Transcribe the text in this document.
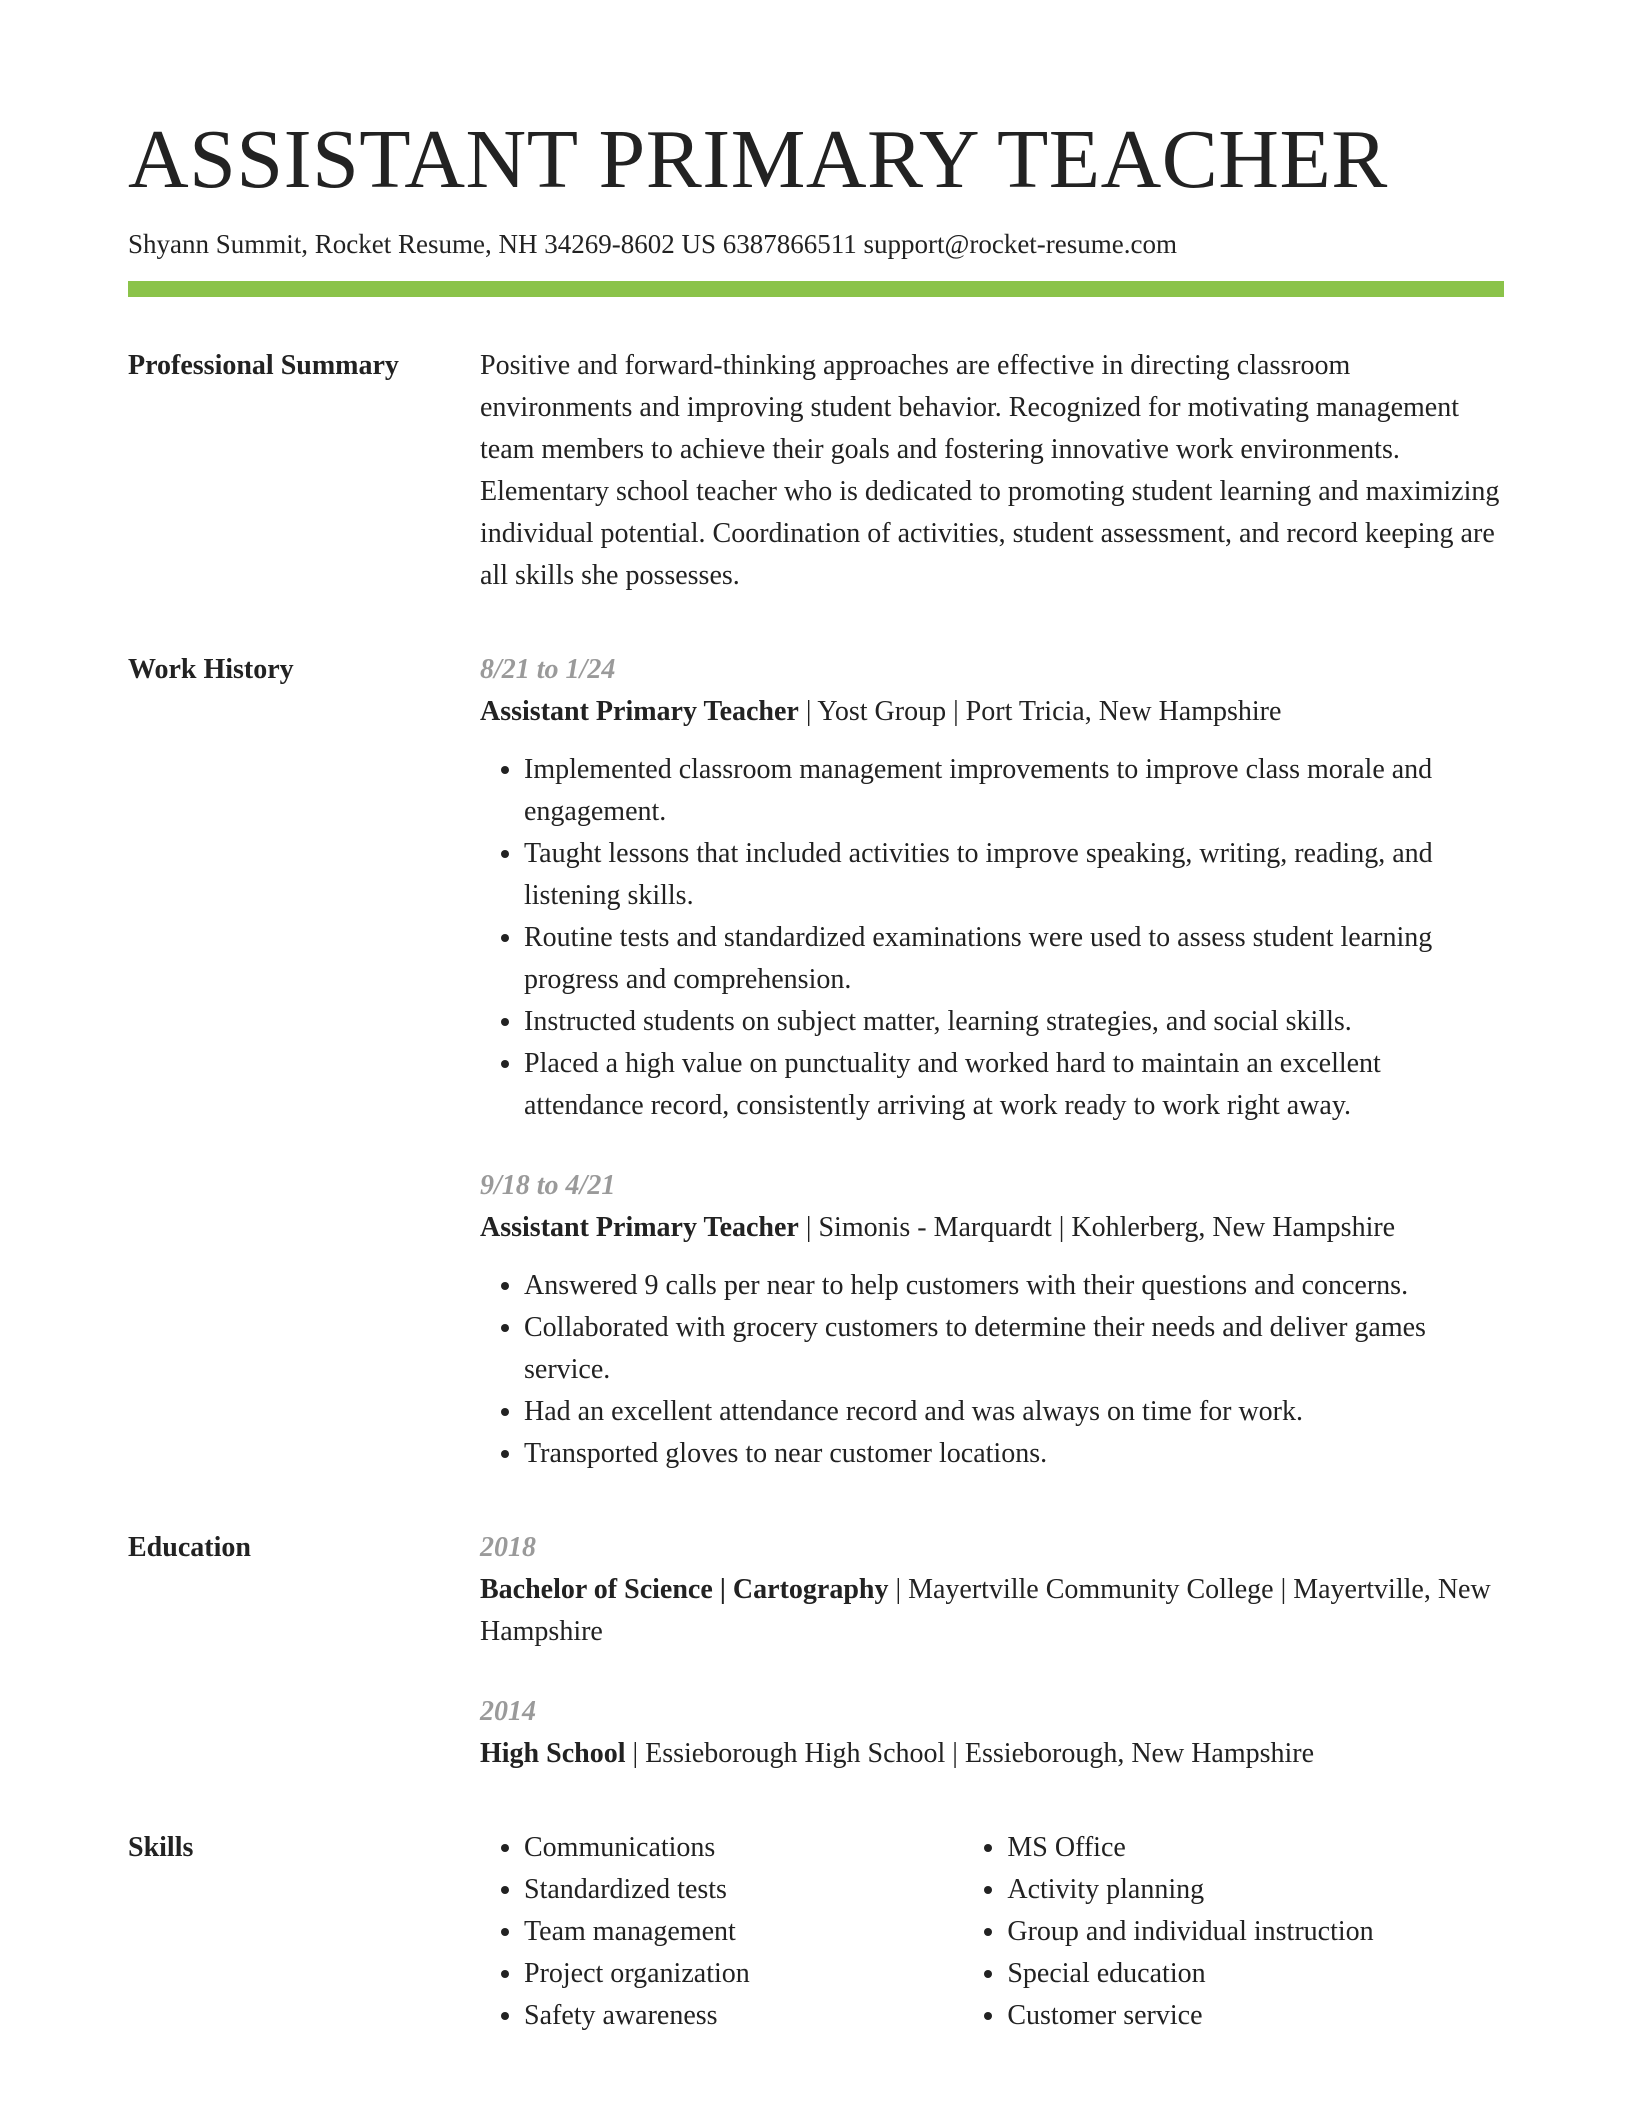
ASSISTANT PRIMARY TEACHER
Shyann Summit, Rocket Resume, NH 34269-8602 US 6387866511 support@rocket-resume.com
Professional Summary	Positive and forward-thinking approaches are effective in directing classroom environments and improving student behavior. Recognized for motivating management team members to achieve their goals and fostering innovative work environments. Elementary school teacher who is dedicated to promoting student learning and maximizing individual potential. Coordination of activities, student assessment, and record keeping are all skills she possesses.

Work History	8/21 to 1/24
Assistant Primary Teacher | Yost Group | Port Tricia, New Hampshire
• Implemented classroom management improvements to improve class morale and engagement.
• Taught lessons that included activities to improve speaking, writing, reading, and listening skills.
• Routine tests and standardized examinations were used to assess student learning progress and comprehension.
• Instructed students on subject matter, learning strategies, and social skills.
• Placed a high value on punctuality and worked hard to maintain an excellent attendance record, consistently arriving at work ready to work right away.
9/18 to 4/21
Assistant Primary Teacher | Simonis - Marquardt | Kohlerberg, New Hampshire
• Answered 9 calls per near to help customers with their questions and concerns.
• Collaborated with grocery customers to determine their needs and deliver games service.
• Had an excellent attendance record and was always on time for work.
• Transported gloves to near customer locations.
Education	2018
Bachelor of Science | Cartography | Mayertville Community College | Mayertville, New Hampshire
2014
High School | Essieborough High School | Essieborough, New Hampshire
Skills
•	Communications
• Standardized tests
• Team management
• Project organization
• Safety awareness
• MS Office
• Activity planning
• Group and individual instruction
• Special education
• Customer service
